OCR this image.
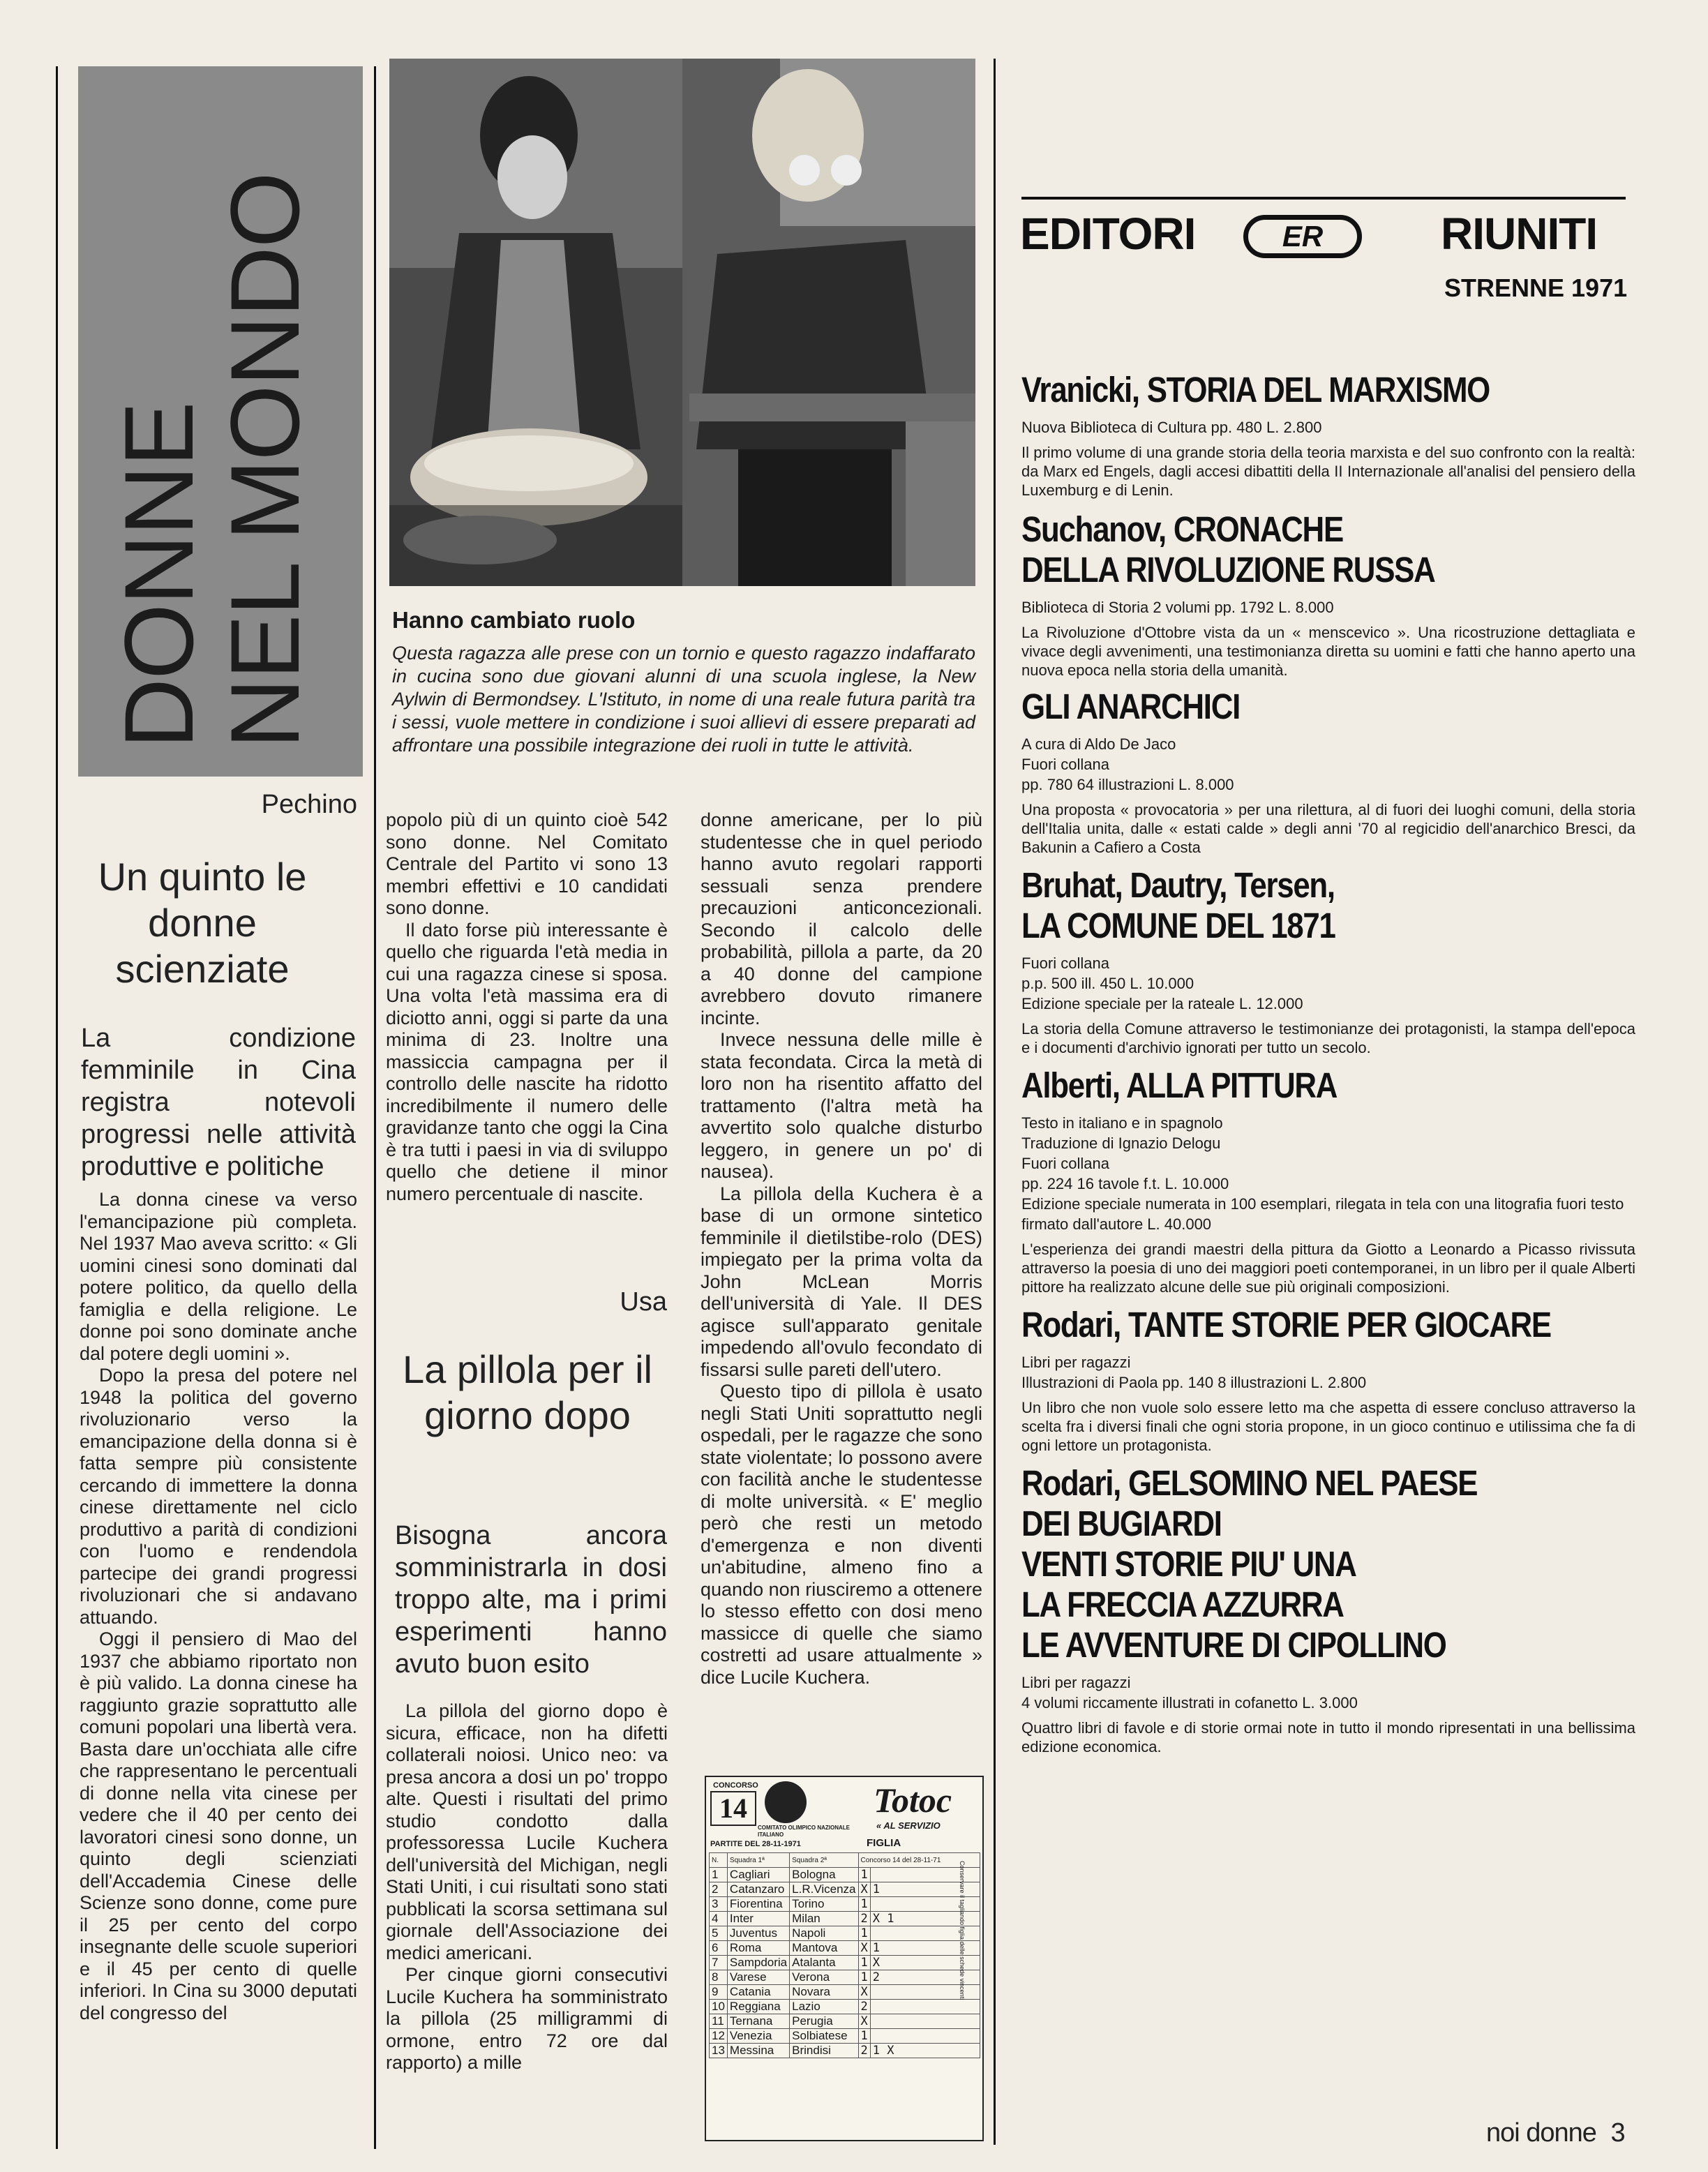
DONNE
NEL MONDO	Hanno cambiato ruolo
Questa ragazza alle prese con un tornio e questo ragazzo indaffarato in cucina sono due giovani alunni di una scuola inglese, la New Aylwin di Bermondsey. L'Istituto, in nome di una reale futura parità tra i sessi, vuole mettere in condizione i suoi allievi di essere preparati ad affrontare una possibile integrazione dei ruoli in tutte le attività.
Pechino
Un quinto le donne scienziate
La condizione femminile in Cina registra notevoli progressi nelle attività produttive e politiche

La donna cinese va verso l'emancipazione più completa. Nel 1937 Mao aveva scritto: « Gli uomini cinesi sono dominati dal potere politico, da quello della famiglia e della religione. Le donne poi sono dominate anche dal potere degli uomini ».

Dopo la presa del potere nel 1948 la politica del governo rivoluzionario verso la emancipazione della donna si è fatta sempre più consistente cercando di immettere la donna cinese direttamente nel ciclo produttivo a parità di condizioni con l'uomo e rendendola partecipe dei grandi progressi rivoluzionari che si andavano attuando.

Oggi il pensiero di Mao del 1937 che abbiamo riportato non è più valido. La donna cinese ha raggiunto grazie soprattutto alle comuni popolari una libertà vera. Basta dare un'occhiata alle cifre che rappresentano le percentuali di donne nella vita cinese per vedere che il 40 per cento dei lavoratori cinesi sono donne, un quinto degli scienziati dell'Accademia Cinese delle Scienze sono donne, come pure il 25 per cento del corpo insegnante delle scuole superiori e il 45 per cento di quelle inferiori. In Cina su 3000 deputati del congresso del

popolo più di un quinto cioè 542 sono donne. Nel Comitato Centrale del Partito vi sono 13 membri effettivi e 10 candidati sono donne.

Il dato forse più interessante è quello che riguarda l'età media in cui una ragazza cinese si sposa. Una volta l'età massima era di diciotto anni, oggi si parte da una minima di 23. Inoltre una massiccia campagna per il controllo delle nascite ha ridotto incredibilmente il numero delle gravidanze tanto che oggi la Cina è tra tutti i paesi in via di sviluppo quello che detiene il minor numero percentuale di nascite.

Usa
La pillola per il giorno dopo
Bisogna ancora somministrarla in dosi troppo alte, ma i primi esperimenti hanno avuto buon esito

La pillola del giorno dopo è sicura, efficace, non ha difetti collaterali noiosi. Unico neo: va presa ancora a dosi un po' troppo alte. Questi i risultati del primo studio condotto dalla professoressa Lucile Kuchera dell'università del Michigan, negli Stati Uniti, i cui risultati sono stati pubblicati la scorsa settimana sul giornale dell'Associazione dei medici americani.

Per cinque giorni consecutivi Lucile Kuchera ha somministrato la pillola (25 milligrammi di ormone, entro 72 ore dal rapporto) a mille

donne americane, per lo più studentesse che in quel periodo hanno avuto regolari rapporti sessuali senza prendere precauzioni anticoncezionali. Secondo il calcolo delle probabilità, pillola a parte, da 20 a 40 donne del campione avrebbero dovuto rimanere incinte.

Invece nessuna delle mille è stata fecondata. Circa la metà di loro non ha risentito affatto del trattamento (l'altra metà ha avvertito solo qualche disturbo leggero, in genere un po' di nausea).

La pillola della Kuchera è a base di un ormone sintetico femminile il dietilstibe-rolo (DES) impiegato per la prima volta da John McLean Morris dell'università di Yale. Il DES agisce sull'apparato genitale impedendo all'ovulo fecondato di fissarsi sulle pareti dell'utero.

Questo tipo di pillola è usato negli Stati Uniti soprattutto negli ospedali, per le ragazze che sono state violentate; lo possono avere con facilità anche le studentesse di molte università. « E' meglio però che resti un metodo d'emergenza e non diventi un'abitudine, almeno fino a quando non riusciremo a ottenere lo stesso effetto con dosi meno massicce di quelle che siamo costretti ad usare attualmente » dice Lucile Kuchera.

CONCORSO
14
COMITATO OLIMPICO NAZIONALE ITALIANO
Totoc
« AL SERVIZIO
FIGLIA
PARTITE DEL 28-11-1971
N.	Squadra 1ª	Squadra 2ª	Concorso 14 del 28-11-71	
1	Cagliari	Bologna	1	
2	Catanzaro	L.R.Vicenza	X	1
3	Fiorentina	Torino	1	
4	Inter	Milan	2	X 1
5	Juventus	Napoli	1	
6	Roma	Mantova	X	1
7	Sampdoria	Atalanta	1	X
8	Varese	Verona	1	2
9	Catania	Novara	X	
10	Reggiana	Lazio	2	
11	Ternana	Perugia	X	
12	Venezia	Solbiatese	1	
13	Messina	Brindisi	2	1 X
Conservare il tagliando figlia delle schede vincenti
EDITORI	ER	RIUNITI
STRENNE 1971
Vranicki, STORIA DEL MARXISMO
Nuova Biblioteca di Cultura pp. 480 L. 2.800
Il primo volume di una grande storia della teoria marxista e del suo confronto con la realtà: da Marx ed Engels, dagli accesi dibattiti della II Internazionale all'analisi del pensiero della Luxemburg e di Lenin.
Suchanov, CRONACHE
DELLA RIVOLUZIONE RUSSA
Biblioteca di Storia 2 volumi pp. 1792 L. 8.000
La Rivoluzione d'Ottobre vista da un « menscevico ». Una ricostruzione dettagliata e vivace degli avvenimenti, una testimonianza diretta su uomini e fatti che hanno aperto una nuova epoca nella storia della umanità.
GLI ANARCHICI
A cura di Aldo De Jaco
Fuori collana
pp. 780 64 illustrazioni L. 8.000
Una proposta « provocatoria » per una rilettura, al di fuori dei luoghi comuni, della storia dell'Italia unita, dalle « estati calde » degli anni '70 al regicidio dell'anarchico Bresci, da Bakunin a Cafiero a Costa
Bruhat, Dautry, Tersen,
LA COMUNE DEL 1871
Fuori collana
p.p. 500 ill. 450 L. 10.000
Edizione speciale per la rateale L. 12.000
La storia della Comune attraverso le testimonianze dei protagonisti, la stampa dell'epoca e i documenti d'archivio ignorati per tutto un secolo.
Alberti, ALLA PITTURA
Testo in italiano e in spagnolo
Traduzione di Ignazio Delogu
Fuori collana
pp. 224 16 tavole f.t. L. 10.000
Edizione speciale numerata in 100 esemplari, rilegata in tela con una litografia fuori testo firmato dall'autore L. 40.000
L'esperienza dei grandi maestri della pittura da Giotto a Leonardo a Picasso rivissuta attraverso la poesia di uno dei maggiori poeti contemporanei, in un libro per il quale Alberti pittore ha realizzato alcune delle sue più originali composizioni.
Rodari, TANTE STORIE PER GIOCARE
Libri per ragazzi
Illustrazioni di Paola pp. 140 8 illustrazioni L. 2.800
Un libro che non vuole solo essere letto ma che aspetta di essere concluso attraverso la scelta fra i diversi finali che ogni storia propone, in un gioco continuo e utilissima che fa di ogni lettore un protagonista.
Rodari, GELSOMINO NEL PAESE
DEI BUGIARDI
VENTI STORIE PIU' UNA
LA FRECCIA AZZURRA
LE AVVENTURE DI CIPOLLINO
Libri per ragazzi
4 volumi riccamente illustrati in cofanetto L. 3.000
Quattro libri di favole e di storie ormai note in tutto il mondo ripresentati in una bellissima edizione economica.
noi donne 3
